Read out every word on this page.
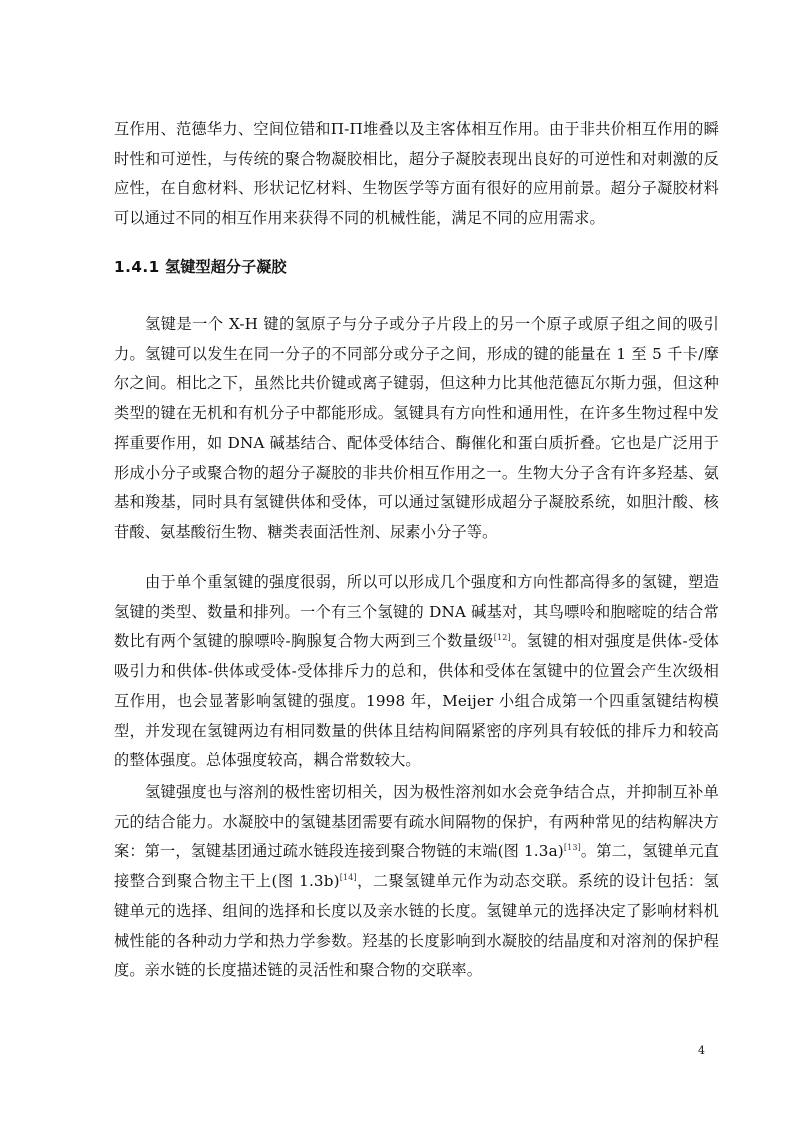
互作用、范德华力、空间位错和Π-Π堆叠以及主客体相互作用。由于非共价相互作用的瞬时性和可逆性，与传统的聚合物凝胶相比，超分子凝胶表现出良好的可逆性和对刺激的反应性，在自愈材料、形状记忆材料、生物医学等方面有很好的应用前景。超分子凝胶材料可以通过不同的相互作用来获得不同的机械性能，满足不同的应用需求。

1.4.1 氢键型超分子凝胶

氢键是一个 X-H 键的氢原子与分子或分子片段上的另一个原子或原子组之间的吸引力。氢键可以发生在同一分子的不同部分或分子之间，形成的键的能量在 1 至 5 千卡/摩尔之间。相比之下，虽然比共价键或离子键弱，但这种力比其他范德瓦尔斯力强，但这种类型的键在无机和有机分子中都能形成。氢键具有方向性和通用性，在许多生物过程中发挥重要作用，如 DNA 碱基结合、配体受体结合、酶催化和蛋白质折叠。它也是广泛用于形成小分子或聚合物的超分子凝胶的非共价相互作用之一。生物大分子含有许多羟基、氨基和羧基，同时具有氢键供体和受体，可以通过氢键形成超分子凝胶系统，如胆汁酸、核苷酸、氨基酸衍生物、糖类表面活性剂、尿素小分子等。

由于单个重氢键的强度很弱，所以可以形成几个强度和方向性都高得多的氢键，塑造氢键的类型、数量和排列。一个有三个氢键的 DNA 碱基对，其鸟嘌呤和胞嘧啶的结合常数比有两个氢键的腺嘌呤-胸腺复合物大两到三个数量级[12]。氢键的相对强度是供体-受体吸引力和供体-供体或受体-受体排斥力的总和，供体和受体在氢键中的位置会产生次级相互作用，也会显著影响氢键的强度。1998 年，Meijer 小组合成第一个四重氢键结构模型，并发现在氢键两边有相同数量的供体且结构间隔紧密的序列具有较低的排斥力和较高的整体强度。总体强度较高，耦合常数较大。

氢键强度也与溶剂的极性密切相关，因为极性溶剂如水会竞争结合点，并抑制互补单元的结合能力。水凝胶中的氢键基团需要有疏水间隔物的保护，有两种常见的结构解决方案：第一，氢键基团通过疏水链段连接到聚合物链的末端(图 1.3a)[13]。第二，氢键单元直接整合到聚合物主干上(图 1.3b)[14]，二聚氢键单元作为动态交联。系统的设计包括：氢键单元的选择、组间的选择和长度以及亲水链的长度。氢键单元的选择决定了影响材料机械性能的各种动力学和热力学参数。羟基的长度影响到水凝胶的结晶度和对溶剂的保护程度。亲水链的长度描述链的灵活性和聚合物的交联率。

4
